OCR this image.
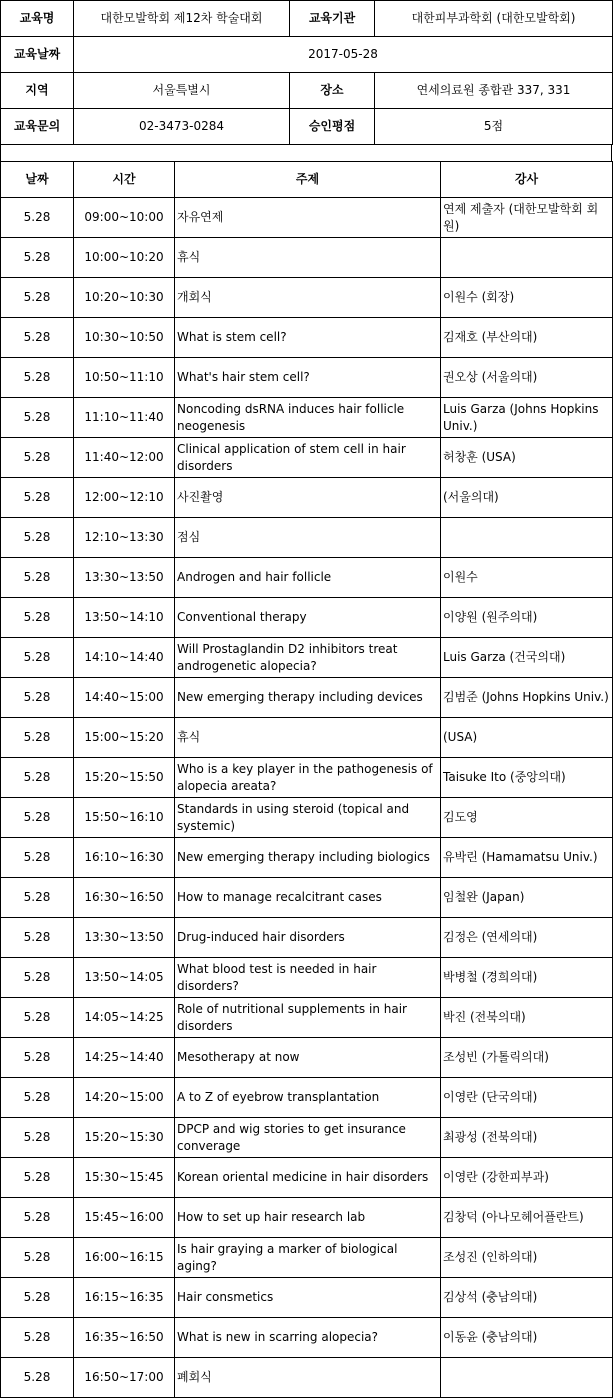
교육명	대한모발학회 제12차 학술대회	교육기관	대한피부과학회 (대한모발학회)
교육날짜	2017-05-28		
지역	서울특별시	장소	연세의료원 종합관 337, 331
교육문의	02-3473-0284	승인평점	5점
날짜	시간	주제	강사
5.28	09:00~10:00	자유연제	연제 제출자 (대한모발학회 회원)
5.28	10:00~10:20	휴식	
5.28	10:20~10:30	개회식	이원수 (회장)
5.28	10:30~10:50	What is stem cell?	김재호 (부산의대)
5.28	10:50~11:10	What's hair stem cell?	권오상 (서울의대)
5.28	11:10~11:40	Noncoding dsRNA induces hair follicle neogenesis	Luis Garza (Johns Hopkins Univ.)
5.28	11:40~12:00	Clinical application of stem cell in hair disorders	허창훈 (USA)
5.28	12:00~12:10	사진촬영	(서울의대)
5.28	12:10~13:30	점심	
5.28	13:30~13:50	Androgen and hair follicle	이원수
5.28	13:50~14:10	Conventional therapy	이양원 (원주의대)
5.28	14:10~14:40	Will Prostaglandin D2 inhibitors treat androgenetic alopecia?	Luis Garza (건국의대)
5.28	14:40~15:00	New emerging therapy including devices	김범준 (Johns Hopkins Univ.)
5.28	15:00~15:20	휴식	(USA)
5.28	15:20~15:50	Who is a key player in the pathogenesis of alopecia areata?	Taisuke Ito (중앙의대)
5.28	15:50~16:10	Standards in using steroid (topical and systemic)	김도영
5.28	16:10~16:30	New emerging therapy including biologics	유박린 (Hamamatsu Univ.)
5.28	16:30~16:50	How to manage recalcitrant cases	임철완 (Japan)
5.28	13:30~13:50	Drug-induced hair disorders	김정은 (연세의대)
5.28	13:50~14:05	What blood test is needed in hair disorders?	박병철 (경희의대)
5.28	14:05~14:25	Role of nutritional supplements in hair disorders	박진 (전북의대)
5.28	14:25~14:40	Mesotherapy at now	조성빈 (가톨릭의대)
5.28	14:20~15:00	A to Z of eyebrow transplantation	이영란 (단국의대)
5.28	15:20~15:30	DPCP and wig stories to get insurance converage	최광성 (전북의대)
5.28	15:30~15:45	Korean oriental medicine in hair disorders	이영란 (강한피부과)
5.28	15:45~16:00	How to set up hair research lab	김창덕 (아나모헤어플란트)
5.28	16:00~16:15	Is hair graying a marker of biological aging?	조성진 (인하의대)
5.28	16:15~16:35	Hair consmetics	김상석 (충남의대)
5.28	16:35~16:50	What is new in scarring alopecia?	이동윤 (충남의대)
5.28	16:50~17:00	폐회식	
